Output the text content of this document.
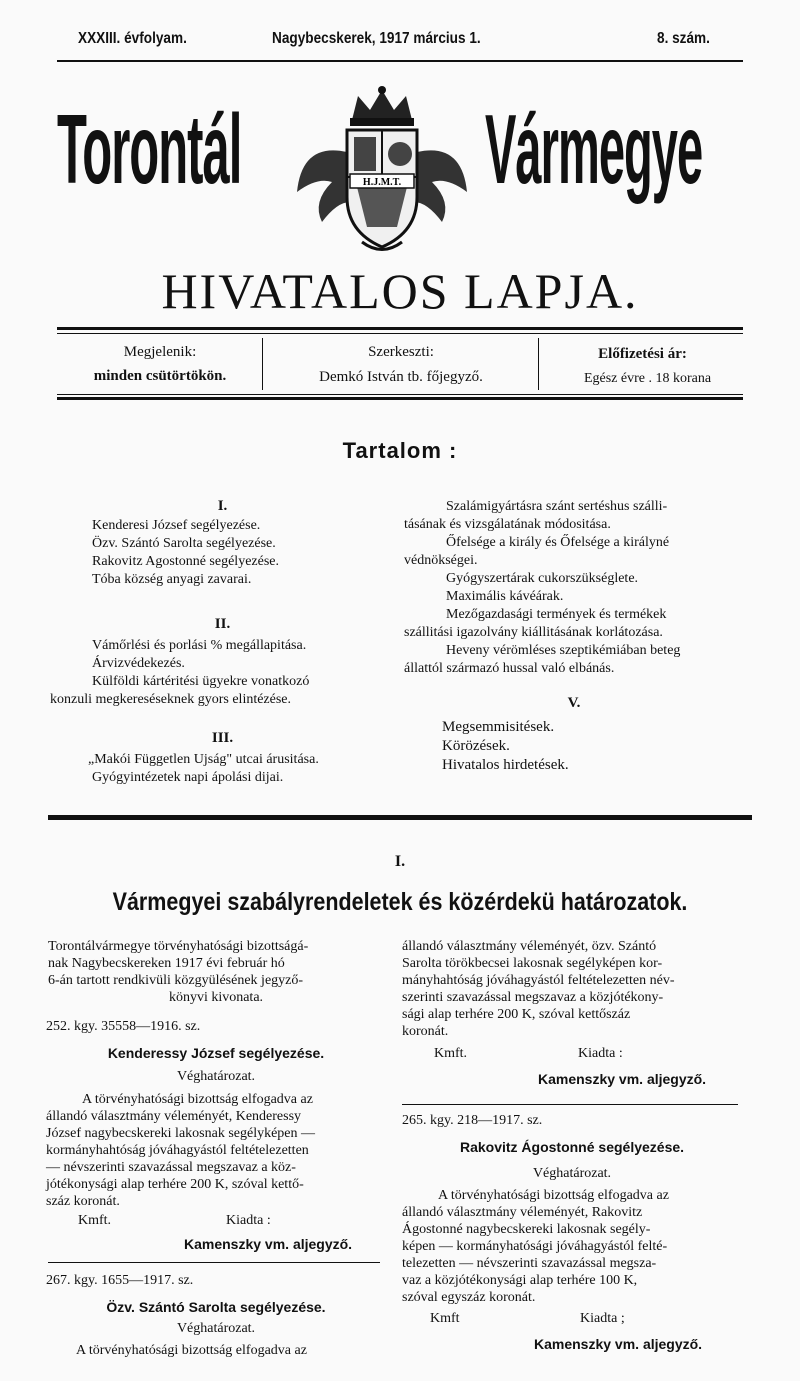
XXXIII. évfolyam.	Nagybecskerek, 1917 március 1.	8. szám.
Torontál	H.J.M.T. Vármegye
HIVATALOS LAPJA.
Megjelenik:
minden csütörtökön.
Szerkeszti:
Demkó István tb. főjegyző.
Előfizetési ár:
Egész évre . 18 korana
Tartalom :
I.
Kenderesi József segélyezése.
Özv. Szántó Sarolta segélyezése.
Rakovitz Agostonné segélyezése.
Tóba község anyagi zavarai.
II.
Vámőrlési és porlási % megállapitása.
Árvizvédekezés.
Külföldi kártéritési ügyekre vonatkozó
konzuli megkereséseknek gyors elintézése.
III.
„Makói Független Ujság" utcai árusitása.
Gyógyintézetek napi ápolási dijai.
Szalámigyártásra szánt sertéshus szálli-
tásának és vizsgálatának módositása.
Őfelsége a király és Őfelsége a királyné
védnökségei.
Gyógyszertárak cukorszükséglete.
Maximális kávéárak.
Mezőgazdasági termények és termékek
szállitási igazolvány kiállitásának korlátozása.
Heveny vérömléses szeptikémiában beteg
állattól származó hussal való elbánás.
V.
Megsemmisitések.
Körözések.
Hivatalos hirdetések.
I.
Vármegyei szabályrendeletek és közérdekü határozatok.
Torontálvármegye törvényhatósági bizottságá-
nak Nagybecskereken 1917 évi február hó
6-án tartott rendkivüli közgyülésének jegyző-
könyvi kivonata.
252. kgy. 35558—1916. sz.
Kenderessy József segélyezése.
Véghatározat.
A törvényhatósági bizottság elfogadva az
állandó választmány véleményét, Kenderessy
József nagybecskereki lakosnak segélyképen —
kormányhahtóság jóváhagyástól feltételezetten
— névszerinti szavazással megszavaz a köz-
jótékonysági alap terhére 200 K, szóval kettő-
száz koronát.
Kmft.	Kiadta :
Kamenszky vm. aljegyző.
267. kgy. 1655—1917. sz.
Özv. Szántó Sarolta segélyezése.
Véghatározat.
A törvényhatósági bizottság elfogadva az
állandó választmány véleményét, özv. Szántó
Sarolta törökbecsei lakosnak segélyképen kor-
mányhahtóság jóváhagyástól feltételezetten név-
szerinti szavazással megszavaz a közjótékony-
sági alap terhére 200 K, szóval kettőszáz
koronát.
Kmft.	Kiadta :
Kamenszky vm. aljegyző.
265. kgy. 218—1917. sz.
Rakovitz Ágostonné segélyezése.
Véghatározat.
A törvényhatósági bizottság elfogadva az
állandó választmány véleményét, Rakovitz
Ágostonné nagybecskereki lakosnak segély-
képen — kormányhatósági jóváhagyástól felté-
telezetten — névszerinti szavazással megsza-
vaz a közjótékonysági alap terhére 100 K,
szóval egyszáz koronát.
Kmft	Kiadta ;
Kamenszky vm. aljegyző.
